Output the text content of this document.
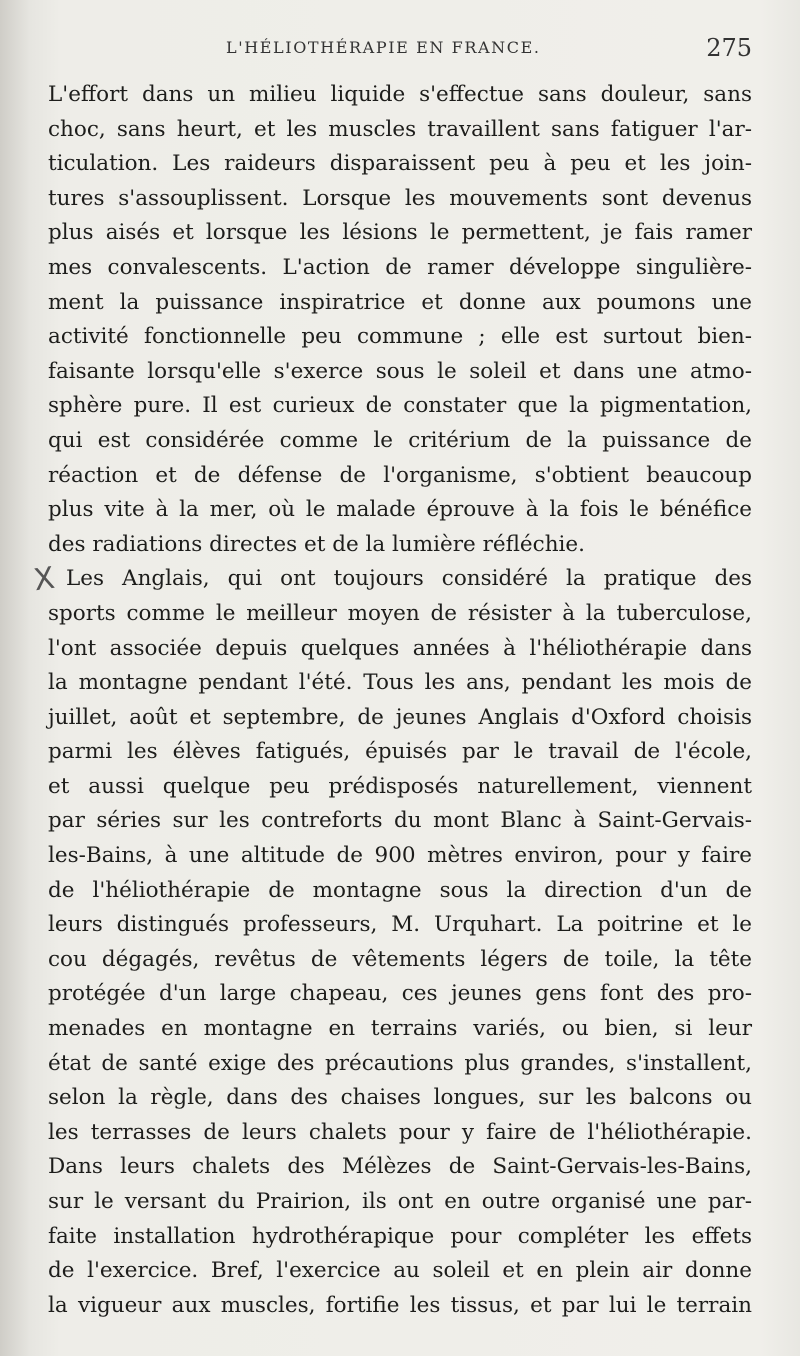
L'HÉLIOTHÉRAPIE EN FRANCE.	275
X
L'effort dans un milieu liquide s'effectue sans douleur, sans
choc, sans heurt, et les muscles travaillent sans fatiguer l'ar-
ticulation. Les raideurs disparaissent peu à peu et les join-
tures s'assouplissent. Lorsque les mouvements sont devenus
plus aisés et lorsque les lésions le permettent, je fais ramer
mes convalescents. L'action de ramer développe singulière-
ment la puissance inspiratrice et donne aux poumons une
activité fonctionnelle peu commune ; elle est surtout bien-
faisante lorsqu'elle s'exerce sous le soleil et dans une atmo-
sphère pure. Il est curieux de constater que la pigmentation,
qui est considérée comme le critérium de la puissance de
réaction et de défense de l'organisme, s'obtient beaucoup
plus vite à la mer, où le malade éprouve à la fois le bénéfice
des radiations directes et de la lumière réfléchie.
Les Anglais, qui ont toujours considéré la pratique des
sports comme le meilleur moyen de résister à la tuberculose,
l'ont associée depuis quelques années à l'héliothérapie dans
la montagne pendant l'été. Tous les ans, pendant les mois de
juillet, août et septembre, de jeunes Anglais d'Oxford choisis
parmi les élèves fatigués, épuisés par le travail de l'école,
et aussi quelque peu prédisposés naturellement, viennent
par séries sur les contreforts du mont Blanc à Saint-Gervais-
les-Bains, à une altitude de 900 mètres environ, pour y faire
de l'héliothérapie de montagne sous la direction d'un de
leurs distingués professeurs, M. Urquhart. La poitrine et le
cou dégagés, revêtus de vêtements légers de toile, la tête
protégée d'un large chapeau, ces jeunes gens font des pro-
menades en montagne en terrains variés, ou bien, si leur
état de santé exige des précautions plus grandes, s'installent,
selon la règle, dans des chaises longues, sur les balcons ou
les terrasses de leurs chalets pour y faire de l'héliothérapie.
Dans leurs chalets des Mélèzes de Saint-Gervais-les-Bains,
sur le versant du Prairion, ils ont en outre organisé une par-
faite installation hydrothérapique pour compléter les effets
de l'exercice. Bref, l'exercice au soleil et en plein air donne
la vigueur aux muscles, fortifie les tissus, et par lui le terrain
